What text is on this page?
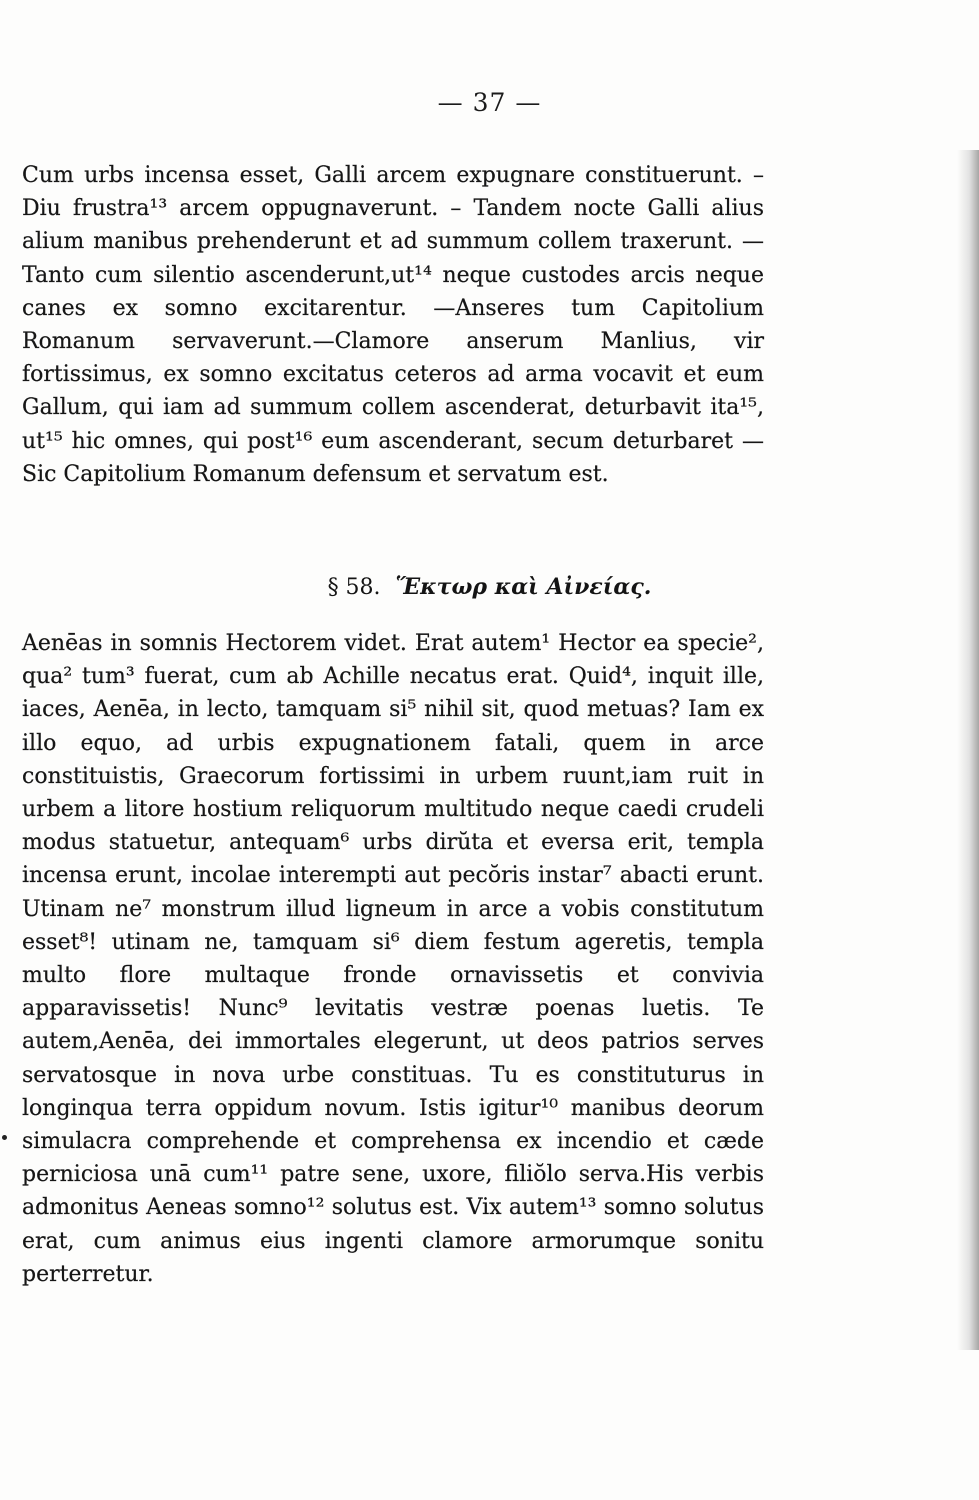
— 37 —
Cum urbs incensa esset, Galli arcem expugnare constituerunt. – Diu frustra¹³ arcem oppugnaverunt. – Tandem nocte Galli alius alium manibus prehenderunt et ad summum collem traxerunt. —Tanto cum silentio ascenderunt,ut¹⁴ neque custodes arcis neque canes ex somno excitarentur. —Anseres tum Capitolium Romanum servaverunt.—Clamore anserum Manlius, vir fortissimus, ex somno excitatus ceteros ad arma vocavit et eum Gallum, qui iam ad summum collem ascenderat, deturbavit ita¹⁵, ut¹⁵ hic omnes, qui post¹⁶ eum ascenderant, secum deturbaret —Sic Capitolium Romanum defensum et servatum est.
§ 58. Ἕκτωρ καὶ Αἰνείας.
Aenēas in somnis Hectorem videt. Erat autem¹ Hector ea specie², qua² tum³ fuerat, cum ab Achille necatus erat. Quid⁴, inquit ille, iaces, Aenēa, in lecto, tamquam si⁵ nihil sit, quod metuas? Iam ex illo equo, ad urbis expugnationem fatali, quem in arce constituistis, Graecorum fortissimi in urbem ruunt,iam ruit in urbem a litore hostium reliquorum multitudo neque caedi crudeli modus statuetur, antequam⁶ urbs dirŭta et eversa erit, templa incensa erunt, incolae interempti aut pecŏris instar⁷ abacti erunt. Utinam ne⁷ monstrum illud ligneum in arce a vobis constitutum esset⁸! utinam ne, tamquam si⁶ diem festum ageretis, templa multo flore multaque fronde ornavissetis et convivia apparavissetis! Nunc⁹ levitatis vestræ poenas luetis. Te autem,Aenēa, dei immortales elegerunt, ut deos patrios serves servatosque in nova urbe constituas. Tu es constituturus in longinqua terra oppidum novum. Istis igitur¹⁰ manibus deorum simulacra comprehende et comprehensa ex incendio et cæde perniciosa unā cum¹¹ patre sene, uxore, filiŏlo serva.His verbis admonitus Aeneas somno¹² solutus est. Vix autem¹³ somno solutus erat, cum animus eius ingenti clamore armorumque sonitu perterretur.
